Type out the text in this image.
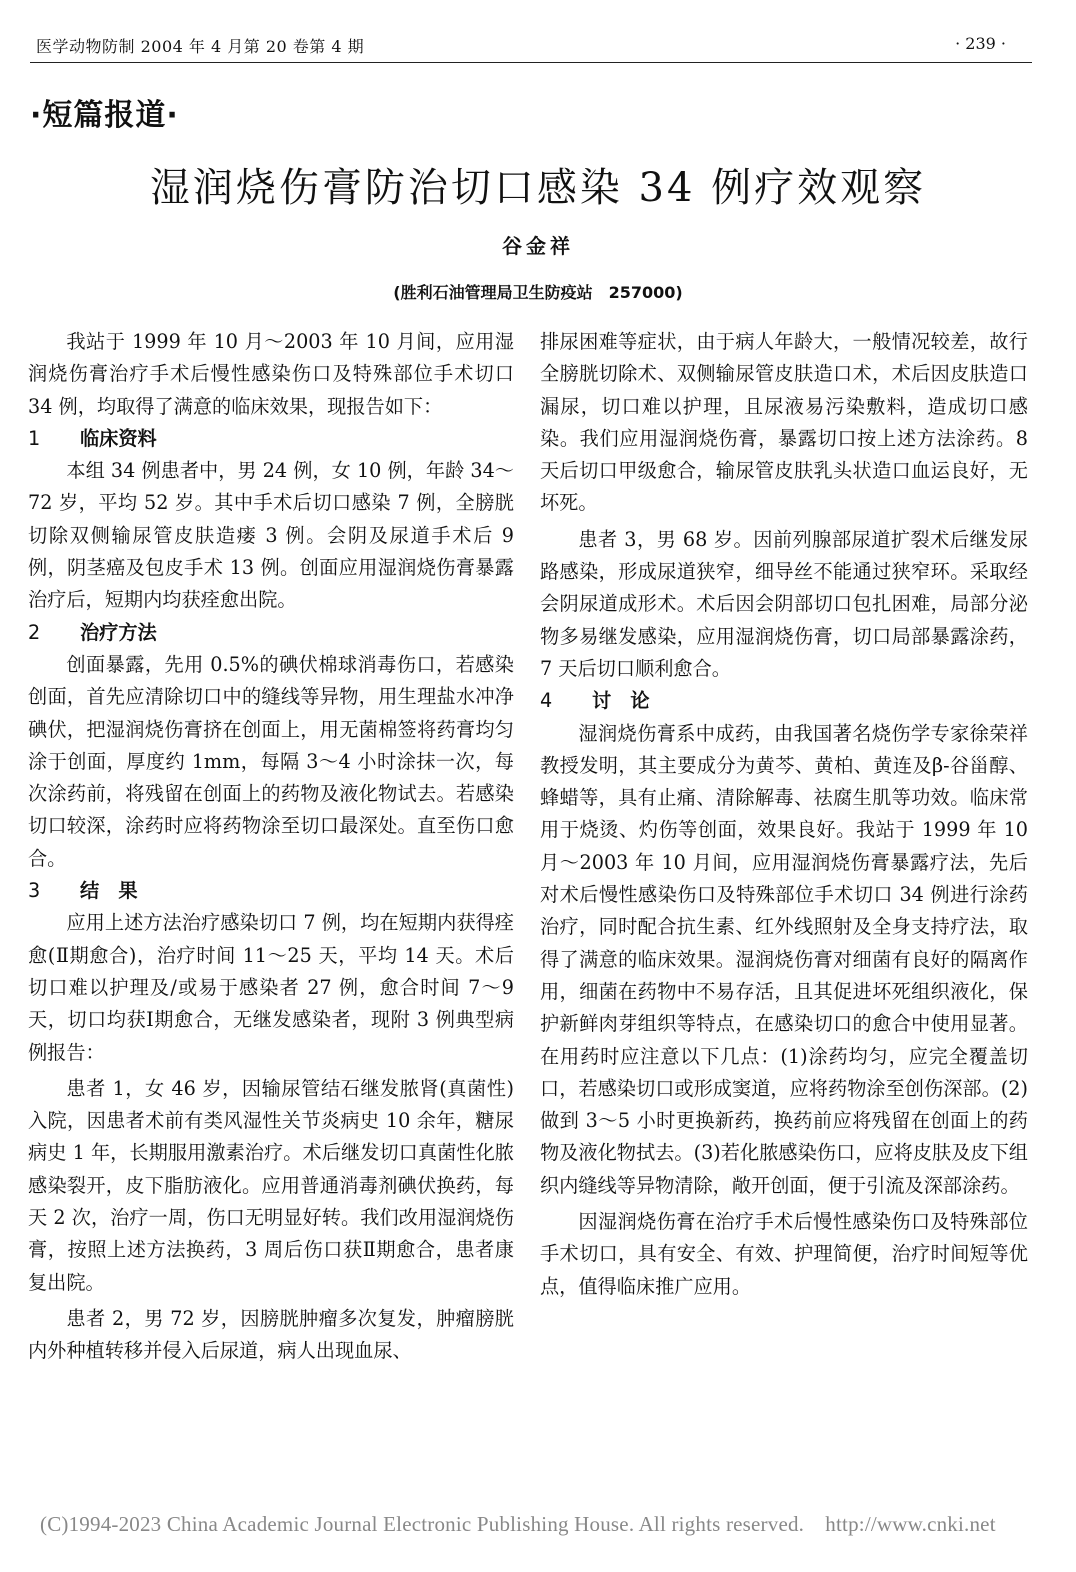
医学动物防制 2004 年 4 月第 20 卷第 4 期	· 239 ·
·短篇报道·
湿润烧伤膏防治切口感染 34 例疗效观察
谷金祥
(胜利石油管理局卫生防疫站　257000)

我站于 1999 年 10 月～2003 年 10 月间，应用湿润烧伤膏治疗手术后慢性感染伤口及特殊部位手术切口 34 例，均取得了满意的临床效果，现报告如下：

1 临床资料

本组 34 例患者中，男 24 例，女 10 例，年龄 34～72 岁，平均 52 岁。其中手术后切口感染 7 例，全膀胱切除双侧输尿管皮肤造瘘 3 例。会阴及尿道手术后 9 例，阴茎癌及包皮手术 13 例。创面应用湿润烧伤膏暴露治疗后，短期内均获痊愈出院。

2 治疗方法

创面暴露，先用 0.5%的碘伏棉球消毒伤口，若感染创面，首先应清除切口中的缝线等异物，用生理盐水冲净碘伏，把湿润烧伤膏挤在创面上，用无菌棉签将药膏均匀涂于创面，厚度约 1mm，每隔 3～4 小时涂抹一次，每次涂药前，将残留在创面上的药物及液化物试去。若感染切口较深，涂药时应将药物涂至切口最深处。直至伤口愈合。

3 结　果

应用上述方法治疗感染切口 7 例，均在短期内获得痊愈(Ⅱ期愈合)，治疗时间 11～25 天，平均 14 天。术后切口难以护理及/或易于感染者 27 例，愈合时间 7～9 天，切口均获Ⅰ期愈合，无继发感染者，现附 3 例典型病例报告：

患者 1，女 46 岁，因输尿管结石继发脓肾(真菌性)入院，因患者术前有类风湿性关节炎病史 10 余年，糖尿病史 1 年，长期服用激素治疗。术后继发切口真菌性化脓感染裂开，皮下脂肪液化。应用普通消毒剂碘伏换药，每天 2 次，治疗一周，伤口无明显好转。我们改用湿润烧伤膏，按照上述方法换药，3 周后伤口获Ⅱ期愈合，患者康复出院。

患者 2，男 72 岁，因膀胱肿瘤多次复发，肿瘤膀胱内外种植转移并侵入后尿道，病人出现血尿、

排尿困难等症状，由于病人年龄大，一般情况较差，故行全膀胱切除术、双侧输尿管皮肤造口术，术后因皮肤造口漏尿，切口难以护理，且尿液易污染敷料，造成切口感染。我们应用湿润烧伤膏，暴露切口按上述方法涂药。8 天后切口甲级愈合，输尿管皮肤乳头状造口血运良好，无坏死。

患者 3，男 68 岁。因前列腺部尿道扩裂术后继发尿路感染，形成尿道狭窄，细导丝不能通过狭窄环。采取经会阴尿道成形术。术后因会阴部切口包扎困难，局部分泌物多易继发感染，应用湿润烧伤膏，切口局部暴露涂药，7 天后切口顺利愈合。

4 讨　论

湿润烧伤膏系中成药，由我国著名烧伤学专家徐荣祥教授发明，其主要成分为黄芩、黄柏、黄连及β-谷甾醇、蜂蜡等，具有止痛、清除解毒、祛腐生肌等功效。临床常用于烧烫、灼伤等创面，效果良好。我站于 1999 年 10 月～2003 年 10 月间，应用湿润烧伤膏暴露疗法，先后对术后慢性感染伤口及特殊部位手术切口 34 例进行涂药治疗，同时配合抗生素、红外线照射及全身支持疗法，取得了满意的临床效果。湿润烧伤膏对细菌有良好的隔离作用，细菌在药物中不易存活，且其促进坏死组织液化，保护新鲜肉芽组织等特点，在感染切口的愈合中使用显著。在用药时应注意以下几点：(1)涂药均匀，应完全覆盖切口，若感染切口或形成窦道，应将药物涂至创伤深部。(2)做到 3～5 小时更换新药，换药前应将残留在创面上的药物及液化物拭去。(3)若化脓感染伤口，应将皮肤及皮下组织内缝线等异物清除，敞开创面，便于引流及深部涂药。

因湿润烧伤膏在治疗手术后慢性感染伤口及特殊部位手术切口，具有安全、有效、护理简便，治疗时间短等优点，值得临床推广应用。

(C)1994-2023 China Academic Journal Electronic Publishing House. All rights reserved.　http://www.cnki.net
